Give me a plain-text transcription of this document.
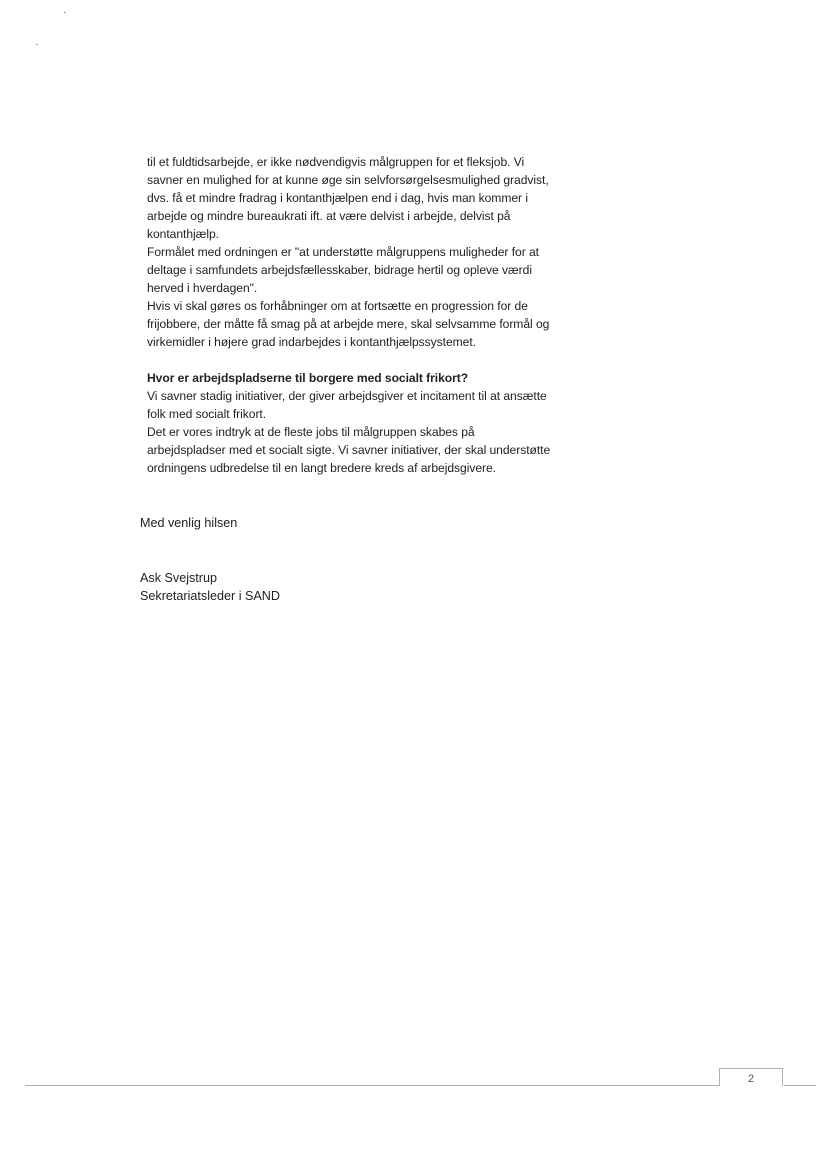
til et fuldtidsarbejde, er ikke nødvendigvis målgruppen for et fleksjob. Vi
savner en mulighed for at kunne øge sin selvforsørgelsesmulighed gradvist,
dvs. få et mindre fradrag i kontanthjælpen end i dag, hvis man kommer i
arbejde og mindre bureaukrati ift. at være delvist i arbejde, delvist på
kontanthjælp.
Formålet med ordningen er "at understøtte målgruppens muligheder for at
deltage i samfundets arbejdsfællesskaber, bidrage hertil og opleve værdi
herved i hverdagen".
Hvis vi skal gøres os forhåbninger om at fortsætte en progression for de
frijobbere, der måtte få smag på at arbejde mere, skal selvsamme formål og
virkemidler i højere grad indarbejdes i kontanthjælpssystemet.
Hvor er arbejdspladserne til borgere med socialt frikort?
Vi savner stadig initiativer, der giver arbejdsgiver et incitament til at ansætte
folk med socialt frikort.
Det er vores indtryk at de fleste jobs til målgruppen skabes på
arbejdspladser med et socialt sigte. Vi savner initiativer, der skal understøtte
ordningens udbredelse til en langt bredere kreds af arbejdsgivere.
Med venlig hilsen
Ask Svejstrup
Sekretariatsleder i SAND
2
